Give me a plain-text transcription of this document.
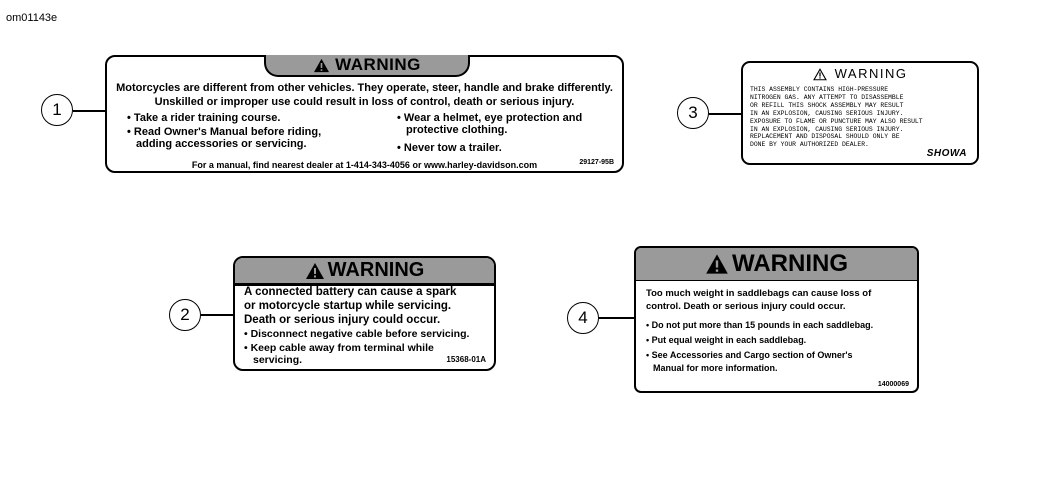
om01143e
1
2
3
4
WARNING
Motorcycles are different from other vehicles. They operate, steer, handle and brake differently.
Unskilled or improper use could result in loss of control, death or serious injury.
• Take a rider training course.
• Read Owner's Manual before riding,
adding accessories or servicing.
• Wear a helmet, eye protection and
protective clothing.
• Never tow a trailer.
For a manual, find nearest dealer at 1-414-343-4056 or www.harley-davidson.com	29127-95B
WARNING
THIS ASSEMBLY CONTAINS HIGH-PRESSURE
NITROGEN GAS. ANY ATTEMPT TO DISASSEMBLE
OR REFILL THIS SHOCK ASSEMBLY MAY RESULT
IN AN EXPLOSION, CAUSING SERIOUS INJURY.
EXPOSURE TO FLAME OR PUNCTURE MAY ALSO RESULT
IN AN EXPLOSION, CAUSING SERIOUS INJURY.
REPLACEMENT AND DISPOSAL SHOULD ONLY BE
DONE BY YOUR AUTHORIZED DEALER.
SHOWA
WARNING
A connected battery can cause a spark
or motorcycle startup while servicing.
Death or serious injury could occur.
• Disconnect negative cable before servicing.
• Keep cable away from terminal while
servicing.	15368-01A
WARNING
Too much weight in saddlebags can cause loss of
control. Death or serious injury could occur.
• Do not put more than 15 pounds in each saddlebag.
• Put equal weight in each saddlebag.
• See Accessories and Cargo section of Owner's
Manual for more information.
14000069
